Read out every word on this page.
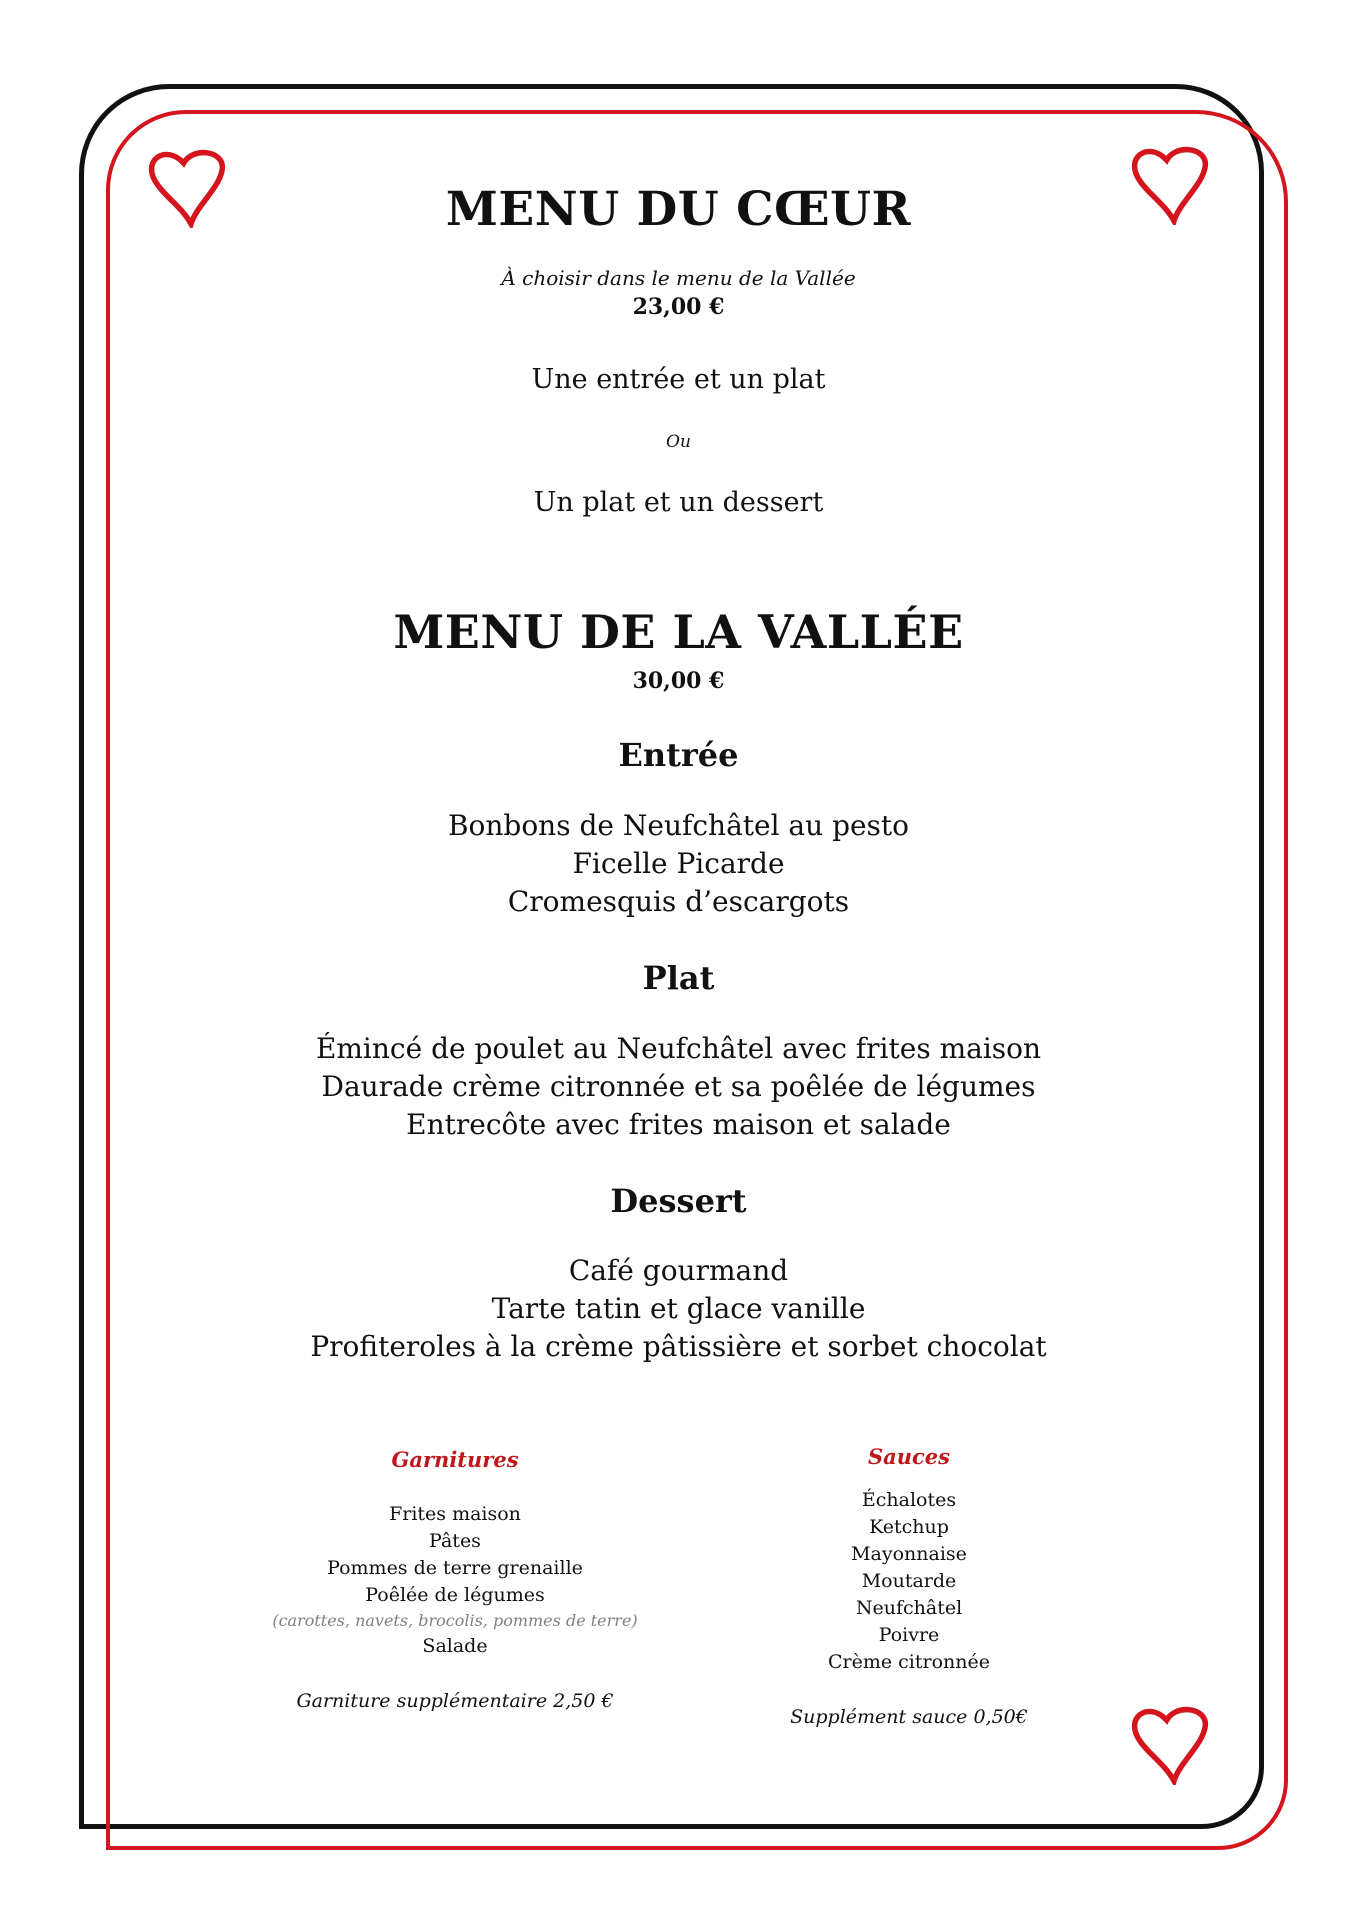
MENU DU CŒUR
À choisir dans le menu de la Vallée
23,00 €
Une entrée et un plat
Ou
Un plat et un dessert
MENU DE LA VALLÉE
30,00 €
Entrée
Bonbons de Neufchâtel au pesto
Ficelle Picarde
Cromesquis d’escargots
Plat
Émincé de poulet au Neufchâtel avec frites maison
Daurade crème citronnée et sa poêlée de légumes
Entrecôte avec frites maison et salade
Dessert
Café gourmand
Tarte tatin et glace vanille
Profiteroles à la crème pâtissière et sorbet chocolat
Garnitures
Frites maison
Pâtes
Pommes de terre grenaille
Poêlée de légumes
(carottes, navets, brocolis, pommes de terre)
Salade
Garniture supplémentaire 2,50 €
Sauces
Échalotes
Ketchup
Mayonnaise
Moutarde
Neufchâtel
Poivre
Crème citronnée
Supplément sauce 0,50€
